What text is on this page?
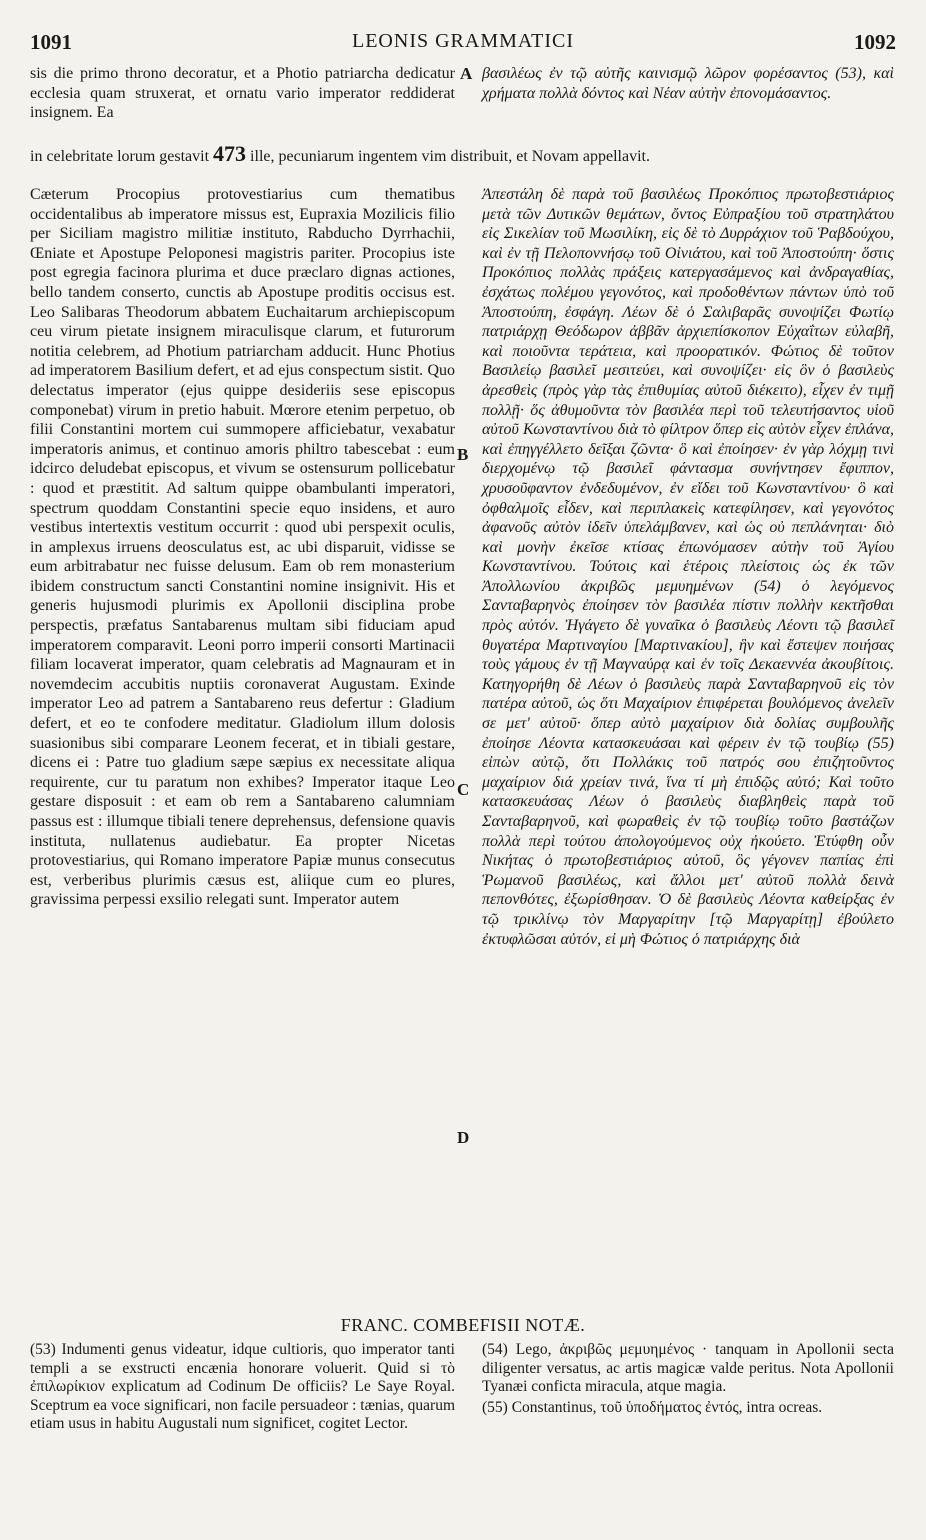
1091	LEONIS GRAMMATICI	1092
A
B
C
D

sis die primo throno decoratur, et a Photio patriarcha dedicatur ecclesia quam struxerat, et ornatu vario imperator reddiderat insignem. Ea

βασιλέως ἐν τῷ αὐτῆς καινισμῷ λῶρον φορέσαντος (53), καὶ χρήματα πολλὰ δόντος καὶ Νέαν αὐτὴν ἐπονομάσαντος.

in celebritate lorum gestavit 473 ille, pecuniarum ingentem vim distribuit, et Novam appellavit.

Cæterum Procopius protovestiarius cum thematibus occidentalibus ab imperatore missus est, Eupraxia Mozilicis filio per Siciliam magistro militiæ instituto, Rabducho Dyrrhachii, Œniate et Apostupe Peloponesi magistris pariter. Procopius iste post egregia facinora plurima et duce præclaro dignas actiones, bello tandem conserto, cunctis ab Apostupe proditis occisus est. Leo Salibaras Theodorum abbatem Euchaitarum archiepiscopum ceu virum pietate insignem miraculisque clarum, et futurorum notitia celebrem, ad Photium patriarcham adducit. Hunc Photius ad imperatorem Basilium defert, et ad ejus conspectum sistit. Quo delectatus imperator (ejus quippe desideriis sese episcopus componebat) virum in pretio habuit. Mœrore etenim perpetuo, ob filii Constantini mortem cui summopere afficiebatur, vexabatur imperatoris animus, et continuo amoris philtro tabescebat : eum idcirco deludebat episcopus, et vivum se ostensurum pollicebatur : quod et præstitit. Ad saltum quippe obambulanti imperatori, spectrum quoddam Constantini specie equo insidens, et auro vestibus intertextis vestitum occurrit : quod ubi perspexit oculis, in amplexus irruens deosculatus est, ac ubi disparuit, vidisse se eum arbitrabatur nec fuisse delusum. Eam ob rem monasterium ibidem constructum sancti Constantini nomine insignivit. His et generis hujusmodi plurimis ex Apollonii disciplina probe perspectis, præfatus Santabarenus multam sibi fiduciam apud imperatorem comparavit. Leoni porro imperii consorti Martinacii filiam locaverat imperator, quam celebratis ad Magnauram et in novemdecim accubitis nuptiis coronaverat Augustam. Exinde imperator Leo ad patrem a Santabareno reus defertur : Gladium defert, et eo te confodere meditatur. Gladiolum illum dolosis suasionibus sibi comparare Leonem fecerat, et in tibiali gestare, dicens ei : Patre tuo gladium sæpe sæpius ex necessitate aliqua requirente, cur tu paratum non exhibes? Imperator itaque Leo gestare disposuit : et eam ob rem a Santabareno calumniam passus est : illumque tibiali tenere deprehensus, defensione quavis instituta, nullatenus audiebatur. Ea propter Nicetas protovestiarius, qui Romano imperatore Papiæ munus consecutus est, verberibus plurimis cæsus est, aliique cum eo plures, gravissima perpessi exsilio relegati sunt. Imperator autem

Ἀπεστάλη δὲ παρὰ τοῦ βασιλέως Προκόπιος πρωτοβεστιάριος μετὰ τῶν Δυτικῶν θεμάτων, ὄντος Εὐπραξίου τοῦ στρατηλάτου εἰς Σικελίαν τοῦ Μωσιλίκη, εἰς δὲ τὸ Δυρράχιον τοῦ Ῥαβδούχου, καὶ ἐν τῇ Πελοποννήσῳ τοῦ Οἰνιάτου, καὶ τοῦ Ἀποστούπη· ὅστις Προκόπιος πολλὰς πράξεις κατεργασάμενος καὶ ἀνδραγαθίας, ἐσχάτως πολέμου γεγονότος, καὶ προδοθέντων πάντων ὑπὸ τοῦ Ἀποστούπη, ἐσφάγη. Λέων δὲ ὁ Σαλιβαρᾶς συνοψίζει Φωτίῳ πατριάρχῃ Θεόδωρον ἀββᾶν ἀρχιεπίσκοπον Εὐχαΐτων εὐλαβῆ, καὶ ποιοῦντα τεράτεια, καὶ προορατικόν. Φώτιος δὲ τοῦτον Βασιλείῳ βασιλεῖ μεσιτεύει, καὶ συνοψίζει· εἰς ὃν ὁ βασιλεὺς ἀρεσθεὶς (πρὸς γὰρ τὰς ἐπιθυμίας αὐτοῦ διέκειτο), εἶχεν ἐν τιμῇ πολλῇ· ὅς ἀθυμοῦντα τὸν βασιλέα περὶ τοῦ τελευτήσαντος υἱοῦ αὐτοῦ Κωνσταντίνου διὰ τὸ φίλτρον ὅπερ εἰς αὐτὸν εἶχεν ἐπλάνα, καὶ ἐπηγγέλλετο δεῖξαι ζῶντα· ὃ καὶ ἐποίησεν· ἐν γὰρ λόχμῃ τινὶ διερχομένῳ τῷ βασιλεῖ φάντασμα συνήντησεν ἔφιππον, χρυσοῦφαντον ἐνδεδυμένον, ἐν εἴδει τοῦ Κωνσταντίνου· ὃ καὶ ὀφθαλμοῖς εἶδεν, καὶ περιπλακεὶς κατεφίλησεν, καὶ γεγονότος ἀφανοῦς αὐτὸν ἰδεῖν ὑπελάμβανεν, καὶ ὡς οὐ πεπλάνηται· διὸ καὶ μονὴν ἐκεῖσε κτίσας ἐπωνόμασεν αὐτὴν τοῦ Ἁγίου Κωνσταντίνου. Τούτοις καὶ ἑτέροις πλείστοις ὡς ἐκ τῶν Ἀπολλωνίου ἀκριβῶς μεμυημένων (54) ὁ λεγόμενος Σανταβαρηνὸς ἐποίησεν τὸν βασιλέα πίστιν πολλὴν κεκτῆσθαι πρὸς αὐτόν. Ἠγάγετο δὲ γυναῖκα ὁ βασιλεὺς Λέοντι τῷ βασιλεῖ θυγατέρα Μαρτιναγίου [Μαρτινακίου], ἣν καὶ ἔστεψεν ποιήσας τοὺς γάμους ἐν τῇ Μαγναύρᾳ καὶ ἐν τοῖς Δεκαεννέα ἀκουβίτοις. Κατηγορήθη δὲ Λέων ὁ βασιλεὺς παρὰ Σανταβαρηνοῦ εἰς τὸν πατέρα αὐτοῦ, ὡς ὅτι Μαχαίριον ἐπιφέρεται βουλόμενος ἀνελεῖν σε μετ' αὐτοῦ· ὅπερ αὐτὸ μαχαίριον διὰ δολίας συμβουλῆς ἐποίησε Λέοντα κατασκευάσαι καὶ φέρειν ἐν τῷ τουβίῳ (55) εἰπὼν αὐτῷ, ὅτι Πολλάκις τοῦ πατρός σου ἐπιζητοῦντος μαχαίριον διά χρείαν τινά, ἵνα τί μὴ ἐπιδῷς αὐτό; Καὶ τοῦτο κατασκευάσας Λέων ὁ βασιλεὺς διαβληθεὶς παρὰ τοῦ Σανταβαρηνοῦ, καὶ φωραθεὶς ἐν τῷ τουβίῳ τοῦτο βαστάζων πολλὰ περὶ τούτου ἀπολογούμενος οὐχ ἠκούετο. Ἐτύφθη οὖν Νικήτας ὁ πρωτοβεστιάριος αὐτοῦ, ὃς γέγονεν παπίας ἐπὶ Ῥωμανοῦ βασιλέως, καὶ ἄλλοι μετ' αὐτοῦ πολλὰ δεινὰ πεπονθότες, ἐξωρίσθησαν. Ὁ δὲ βασιλεὺς Λέοντα καθείρξας ἐν τῷ τρικλίνῳ τὸν Μαργαρίτην [τῷ Μαργαρίτῃ] ἐβούλετο ἐκτυφλῶσαι αὐτόν, εἰ μὴ Φώτιος ὁ πατριάρχης διὰ

FRANC. COMBEFISII NOTÆ.

(53) Indumenti genus videatur, idque cultioris, quo imperator tanti templi a se exstructi encænia honorare voluerit. Quid si τὸ ἐπιλωρίκιον explicatum ad Codinum De officiis? Le Saye Royal. Sceptrum ea voce significari, non facile persuadeor : tænias, quarum etiam usus in habitu Augustali num significet, cogitet Lector.

(54) Lego, ἀκριβῶς μεμυημένος · tanquam in Apollonii secta diligenter versatus, ac artis magicæ valde peritus. Nota Apollonii Tyanæi conficta miracula, atque magia.

(55) Constantinus, τοῦ ὑποδήματος ἐντός, intra ocreas.
